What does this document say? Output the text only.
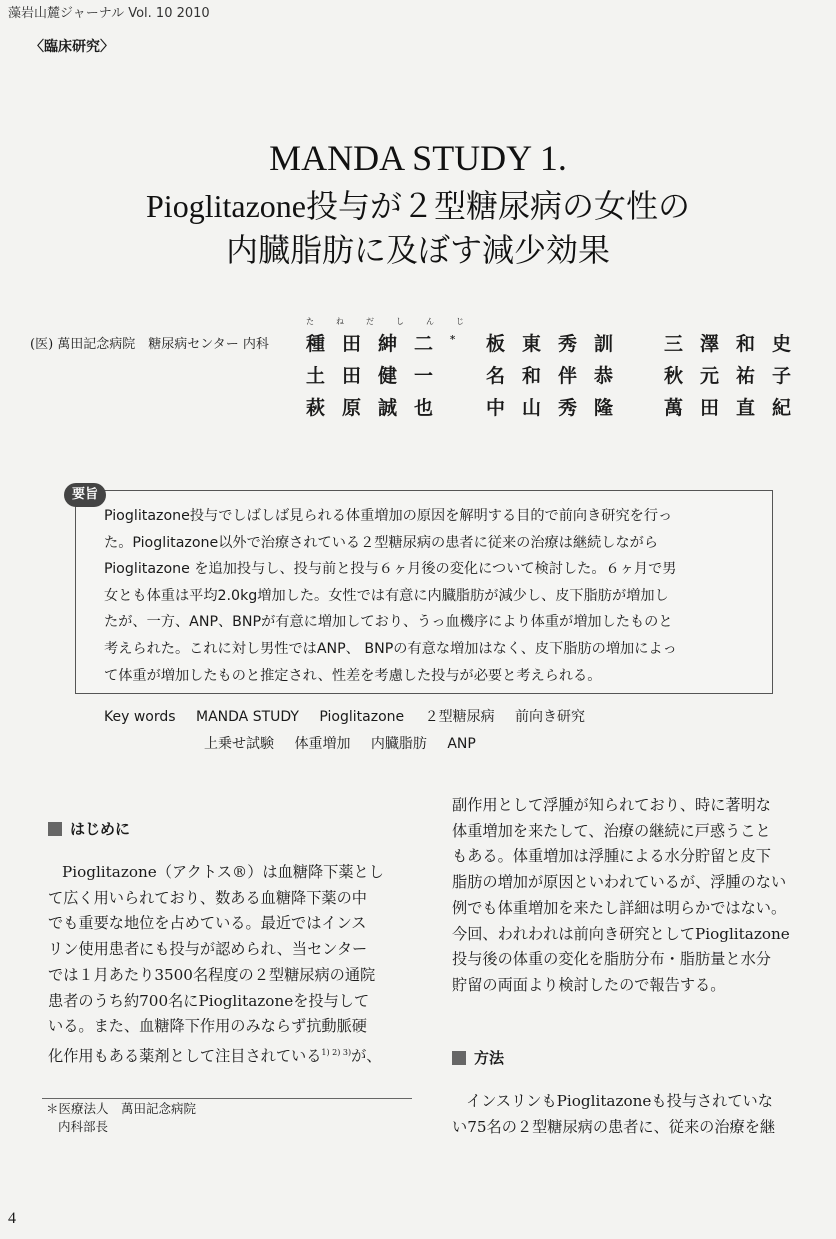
藻岩山麓ジャーナル Vol. 10 2010
〈臨床研究〉
MANDA STUDY 1.
Pioglitazone投与が２型糖尿病の女性の
内臓脂肪に及ぼす減少効果
(医) 萬田記念病院　糖尿病センター 内科
たねだしんじ
種田紳二*	板東秀訓	三澤和史
土田健一	名和伴恭	秋元祐子
萩原誠也	中山秀隆	萬田直紀
要旨
Pioglitazone投与でしばしば見られる体重増加の原因を解明する目的で前向き研究を行っ
た。Pioglitazone以外で治療されている２型糖尿病の患者に従来の治療は継続しながら
Pioglitazone を追加投与し、投与前と投与６ヶ月後の変化について検討した。６ヶ月で男
女とも体重は平均2.0kg増加した。女性では有意に内臓脂肪が減少し、皮下脂肪が増加し
たが、一方、ANP、BNPが有意に増加しており、うっ血機序により体重が増加したものと
考えられた。これに対し男性ではANP、 BNPの有意な増加はなく、皮下脂肪の増加によっ
て体重が増加したものと推定され、性差を考慮した投与が必要と考えられる。
Key words MANDA STUDY Pioglitazone ２型糖尿病 前向き研究
上乗せ試験 体重増加 内臓脂肪 ANP
はじめに
Pioglitazone（アクトス®）は血糖降下薬とし
て広く用いられており、数ある血糖降下薬の中
でも重要な地位を占めている。最近ではインス
リン使用患者にも投与が認められ、当センター
では１月あたり3500名程度の２型糖尿病の通院
患者のうち約700名にPioglitazoneを投与して
いる。また、血糖降下作用のみならず抗動脈硬
化作用もある薬剤として注目されている$^{1) 2) 3)}$が、
副作用として浮腫が知られており、時に著明な
体重増加を来たして、治療の継続に戸惑うこと
もある。体重増加は浮腫による水分貯留と皮下
脂肪の増加が原因といわれているが、浮腫のない
例でも体重増加を来たし詳細は明らかではない。
今回、われわれは前向き研究としてPioglitazone
投与後の体重の変化を脂肪分布・脂肪量と水分
貯留の両面より検討したので報告する。
方法
インスリンもPioglitazoneも投与されていな
い75名の２型糖尿病の患者に、従来の治療を継
＊医療法人　萬田記念病院
内科部長
4
